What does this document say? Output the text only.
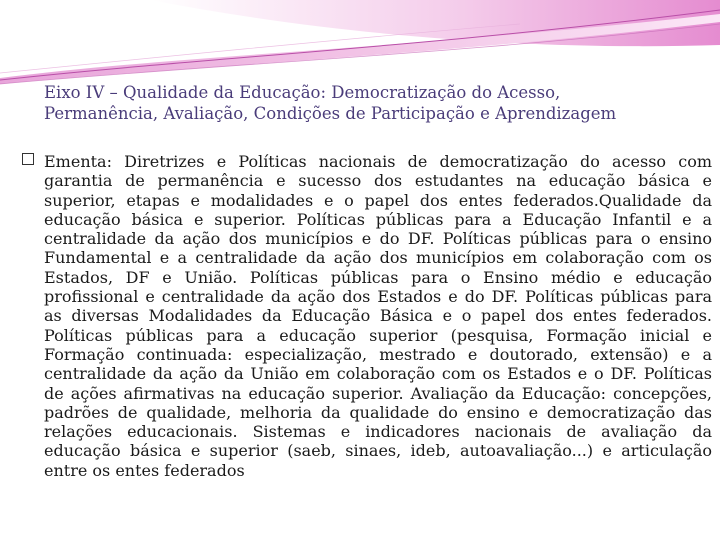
Eixo IV – Qualidade da Educação: Democratização do Acesso,
Permanência, Avaliação, Condições de Participação e Aprendizagem
Ementa: Diretrizes e Políticas nacionais de democratização do acesso com garantia de permanência e sucesso dos estudantes na educação básica e superior, etapas e modalidades e o papel dos entes federados.Qualidade da educação básica e superior. Políticas públicas para a Educação Infantil e a centralidade da ação dos municípios e do DF. Políticas públicas para o ensino Fundamental e a centralidade da ação dos municípios em colaboração com os Estados, DF e União. Políticas públicas para o Ensino médio e educação profissional e centralidade da ação dos Estados e do DF. Políticas públicas para as diversas Modalidades da Educação Básica e o papel dos entes federados. Políticas públicas para a educação superior (pesquisa, Formação inicial e Formação continuada: especialização, mestrado e doutorado, extensão) e a centralidade da ação da União em colaboração com os Estados e o DF. Políticas de ações afirmativas na educação superior. Avaliação da Educação: concepções, padrões de qualidade, melhoria da qualidade do ensino e democratização das relações educacionais. Sistemas e indicadores nacionais de avaliação da educação básica e superior (saeb, sinaes, ideb, autoavaliação...) e articulação entre os entes federados
